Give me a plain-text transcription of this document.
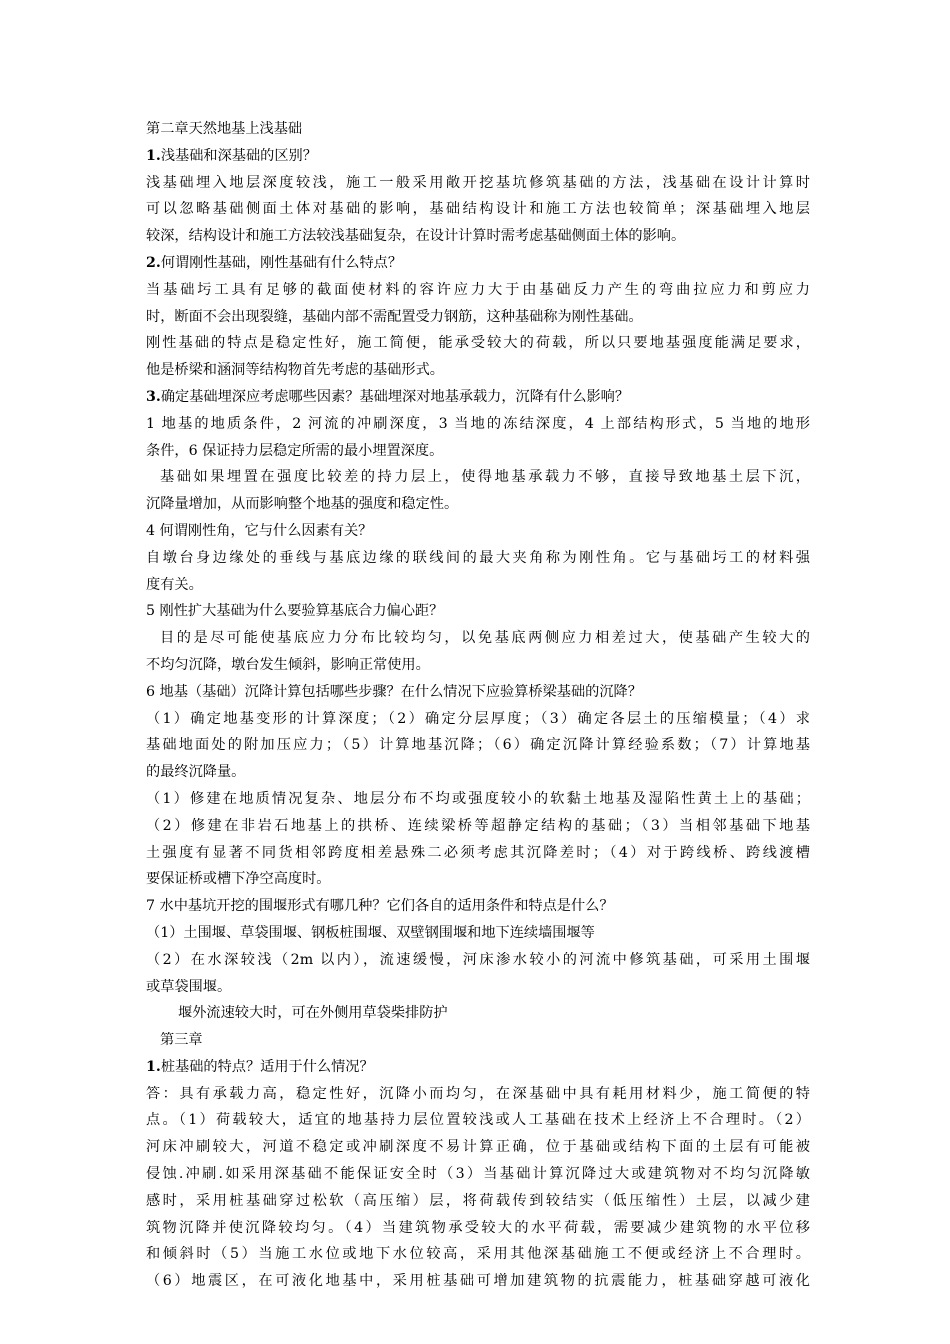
第二章天然地基上浅基础
1.浅基础和深基础的区别？
浅基础埋入地层深度较浅，施工一般采用敞开挖基坑修筑基础的方法，浅基础在设计计算时
可以忽略基础侧面土体对基础的影响，基础结构设计和施工方法也较简单；深基础埋入地层
较深，结构设计和施工方法较浅基础复杂，在设计计算时需考虑基础侧面土体的影响。
2.何谓刚性基础，刚性基础有什么特点？
当基础圬工具有足够的截面使材料的容许应力大于由基础反力产生的弯曲拉应力和剪应力
时，断面不会出现裂缝，基础内部不需配置受力钢筋，这种基础称为刚性基础。
刚性基础的特点是稳定性好，施工简便，能承受较大的荷载，所以只要地基强度能满足要求，
他是桥梁和涵洞等结构物首先考虑的基础形式。
3.确定基础埋深应考虑哪些因素？基础埋深对地基承载力，沉降有什么影响？
1 地基的地质条件，2 河流的冲刷深度，3 当地的冻结深度，4 上部结构形式，5 当地的地形
条件，6 保证持力层稳定所需的最小埋置深度。
基础如果埋置在强度比较差的持力层上，使得地基承载力不够，直接导致地基土层下沉，
沉降量增加，从而影响整个地基的强度和稳定性。
4 何谓刚性角，它与什么因素有关？
自墩台身边缘处的垂线与基底边缘的联线间的最大夹角称为刚性角。它与基础圬工的材料强
度有关。
5 刚性扩大基础为什么要验算基底合力偏心距？
目的是尽可能使基底应力分布比较均匀，以免基底两侧应力相差过大，使基础产生较大的
不均匀沉降，墩台发生倾斜，影响正常使用。
6 地基（基础）沉降计算包括哪些步骤？在什么情况下应验算桥梁基础的沉降？
（1）确定地基变形的计算深度；（2）确定分层厚度；（3）确定各层土的压缩模量；（4）求
基础地面处的附加压应力；（5）计算地基沉降；（6）确定沉降计算经验系数；（7）计算地基
的最终沉降量。
（1）修建在地质情况复杂、地层分布不均或强度较小的软黏土地基及湿陷性黄土上的基础；
（2）修建在非岩石地基上的拱桥、连续梁桥等超静定结构的基础；（3）当相邻基础下地基
土强度有显著不同货相邻跨度相差悬殊二必须考虑其沉降差时；（4）对于跨线桥、跨线渡槽
要保证桥或槽下净空高度时。
7 水中基坑开挖的围堰形式有哪几种？它们各自的适用条件和特点是什么？
（1）土围堰、草袋围堰、钢板桩围堰、双壁钢围堰和地下连续墙围堰等
（2）在水深较浅（2m 以内），流速缓慢，河床渗水较小的河流中修筑基础，可采用土围堰
或草袋围堰。
堰外流速较大时，可在外侧用草袋柴排防护
第三章
1.桩基础的特点？适用于什么情况？
答：具有承载力高，稳定性好，沉降小而均匀，在深基础中具有耗用材料少，施工简便的特
点。（1）荷载较大，适宜的地基持力层位置较浅或人工基础在技术上经济上不合理时。（2）
河床冲刷较大，河道不稳定或冲刷深度不易计算正确，位于基础或结构下面的土层有可能被
侵蚀.冲刷.如采用深基础不能保证安全时（3）当基础计算沉降过大或建筑物对不均匀沉降敏
感时，采用桩基础穿过松软（高压缩）层，将荷载传到较结实（低压缩性）土层，以减少建
筑物沉降并使沉降较均匀。（4）当建筑物承受较大的水平荷载，需要减少建筑物的水平位移
和倾斜时（5）当施工水位或地下水位较高，采用其他深基础施工不便或经济上不合理时。
（6）地震区，在可液化地基中，采用桩基础可增加建筑物的抗震能力，桩基础穿越可液化
